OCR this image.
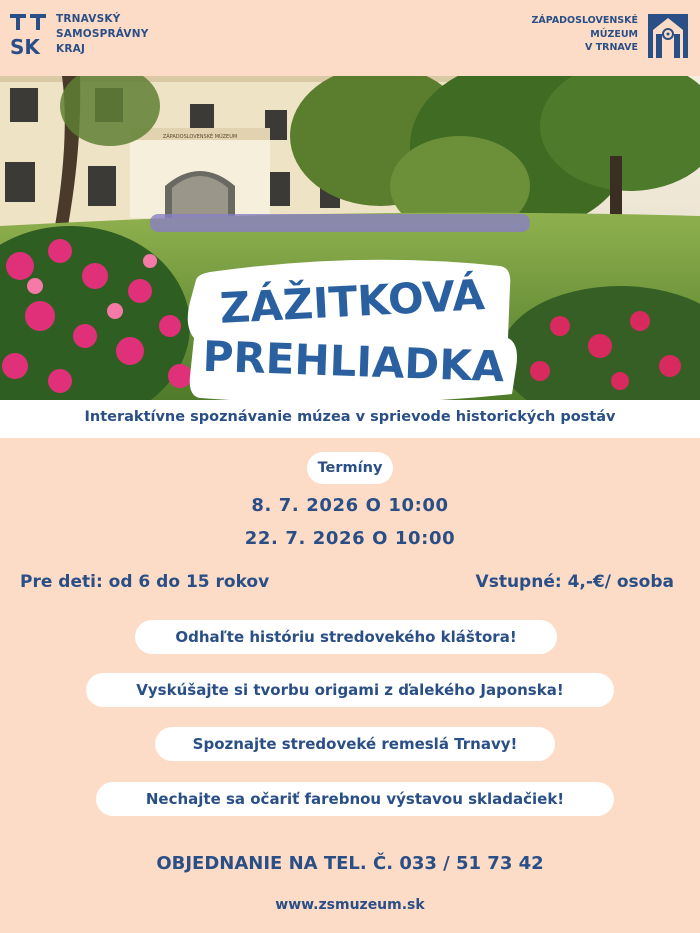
SK
TRNAVSKÝ
SAMOSPRÁVNY
KRAJ
ZÁPADOSLOVENSKÉ
MÚZEUM
V TRNAVE
ZÁPADOSLOVENSKÉ MÚZEUM
ZÁŽITKOVÁ
PREHLIADKA
Interaktívne spoznávanie múzea v sprievode historických postáv
Termíny
8. 7. 2026 O 10:00
22. 7. 2026 O 10:00
Pre deti: od 6 do 15 rokov	Vstupné: 4,-€/ osoba
Odhaľte históriu stredovekého kláštora!
Vyskúšajte si tvorbu origami z ďalekého Japonska!
Spoznajte stredoveké remeslá Trnavy!
Nechajte sa očariť farebnou výstavou skladačiek!
OBJEDNANIE NA TEL. Č. 033 / 51 73 42
www.zsmuzeum.sk
